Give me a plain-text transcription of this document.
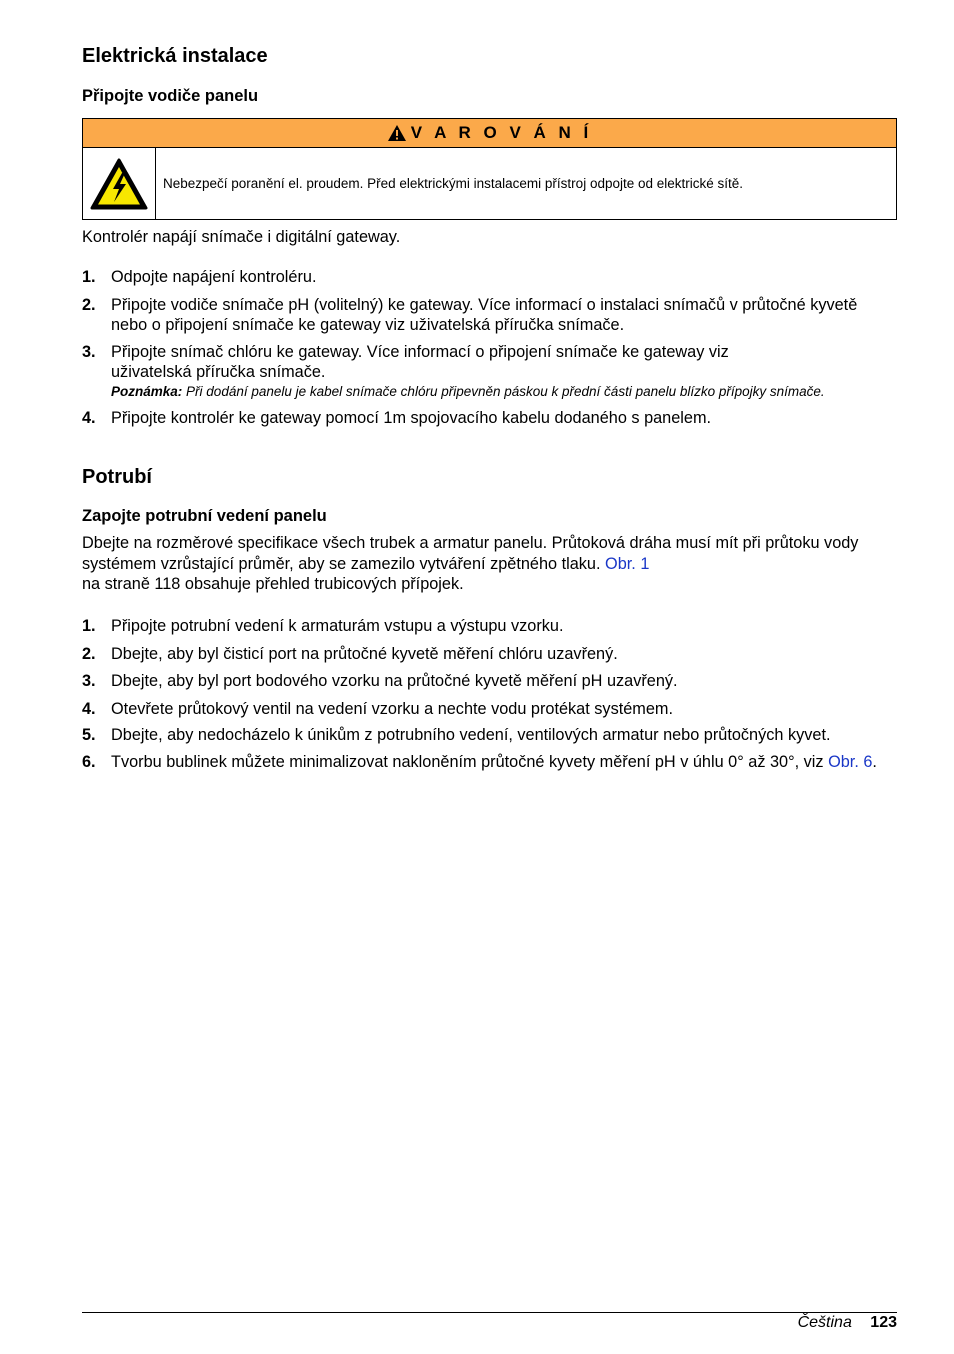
Elektrická instalace
Připojte vodiče panelu
V A R O V Á N Í
Nebezpečí poranění el. proudem. Před elektrickými instalacemi přístroj odpojte od elektrické sítě.

Kontrolér napájí snímače i digitální gateway.

1. Odpojte napájení kontroléru.
2. Připojte vodiče snímače pH (volitelný) ke gateway. Více informací o instalaci snímačů v průtočné kyvetě nebo o připojení snímače ke gateway viz uživatelská příručka snímače.
3. Připojte snímač chlóru ke gateway. Více informací o připojení snímače ke gateway viz uživatelská příručka snímače.
Poznámka: Při dodání panelu je kabel snímače chlóru připevněn páskou k přední části panelu blízko přípojky snímače.
4. Připojte kontrolér ke gateway pomocí 1m spojovacího kabelu dodaného s panelem.
Potrubí
Zapojte potrubní vedení panelu

Dbejte na rozměrové specifikace všech trubek a armatur panelu. Průtoková dráha musí mít při průtoku vody systémem vzrůstající průměr, aby se zamezilo vytváření zpětného tlaku. Obr. 1
na straně 118 obsahuje přehled trubicových přípojek.

1. Připojte potrubní vedení k armaturám vstupu a výstupu vzorku.
2. Dbejte, aby byl čisticí port na průtočné kyvetě měření chlóru uzavřený.
3. Dbejte, aby byl port bodového vzorku na průtočné kyvetě měření pH uzavřený.
4. Otevřete průtokový ventil na vedení vzorku a nechte vodu protékat systémem.
5. Dbejte, aby nedocházelo k únikům z potrubního vedení, ventilových armatur nebo průtočných kyvet.
6. Tvorbu bublinek můžete minimalizovat nakloněním průtočné kyvety měření pH v úhlu 0° až 30°, viz Obr. 6.
Čeština 123
